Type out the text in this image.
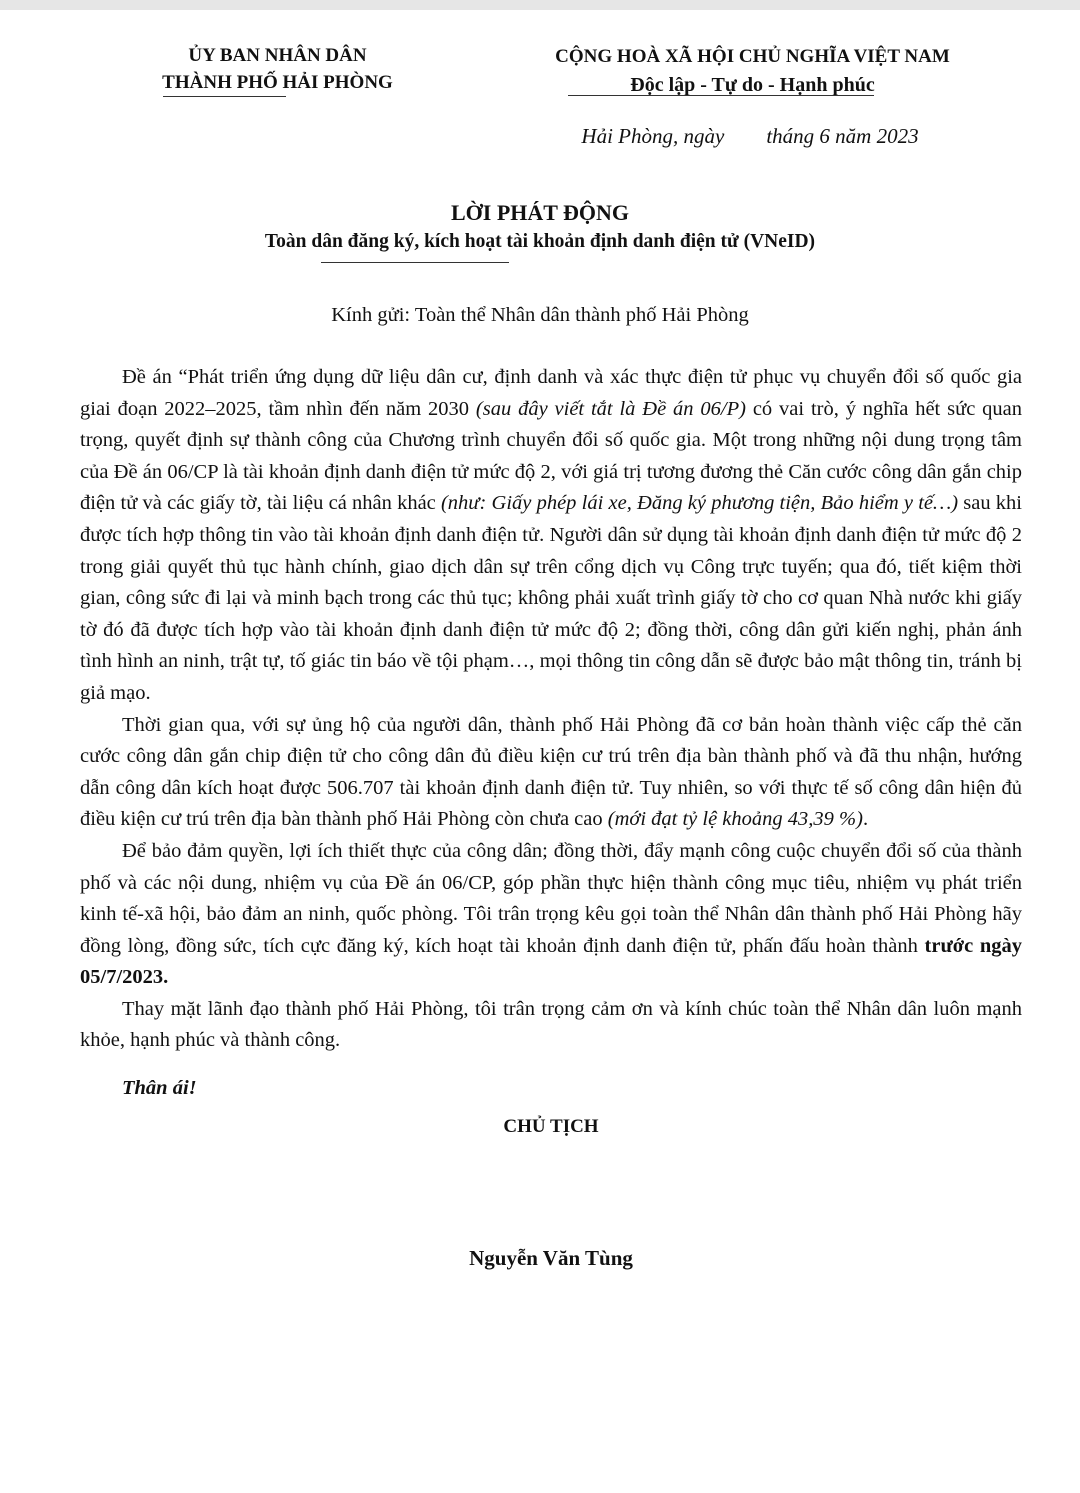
ỦY BAN NHÂN DÂN
THÀNH PHỐ HẢI PHÒNG
CỘNG HOÀ XÃ HỘI CHỦ NGHĨA VIỆT NAM
Độc lập - Tự do - Hạnh phúc
Hải Phòng, ngày        tháng 6 năm 2023
LỜI PHÁT ĐỘNG
Toàn dân đăng ký, kích hoạt tài khoản định danh điện tử (VNeID)
Kính gửi: Toàn thể Nhân dân thành phố Hải Phòng

Đề án “Phát triển ứng dụng dữ liệu dân cư, định danh và xác thực điện tử phục vụ chuyển đổi số quốc gia giai đoạn 2022–2025, tầm nhìn đến năm 2030 (sau đây viết tắt là Đề án 06/P) có vai trò, ý nghĩa hết sức quan trọng, quyết định sự thành công của Chương trình chuyển đổi số quốc gia. Một trong những nội dung trọng tâm của Đề án 06/CP là tài khoản định danh điện tử mức độ 2, với giá trị tương đương thẻ Căn cước công dân gắn chip điện tử và các giấy tờ, tài liệu cá nhân khác (như: Giấy phép lái xe, Đăng ký phương tiện, Bảo hiểm y tế…) sau khi được tích hợp thông tin vào tài khoản định danh điện tử. Người dân sử dụng tài khoản định danh điện tử mức độ 2 trong giải quyết thủ tục hành chính, giao dịch dân sự trên cổng dịch vụ Công trực tuyến; qua đó, tiết kiệm thời gian, công sức đi lại và minh bạch trong các thủ tục; không phải xuất trình giấy tờ cho cơ quan Nhà nước khi giấy tờ đó đã được tích hợp vào tài khoản định danh điện tử mức độ 2; đồng thời, công dân gửi kiến nghị, phản ánh tình hình an ninh, trật tự, tố giác tin báo về tội phạm…, mọi thông tin công dẫn sẽ được bảo mật thông tin, tránh bị giả mạo.

Thời gian qua, với sự ủng hộ của người dân, thành phố Hải Phòng đã cơ bản hoàn thành việc cấp thẻ căn cước công dân gắn chip điện tử cho công dân đủ điều kiện cư trú trên địa bàn thành phố và đã thu nhận, hướng dẫn công dân kích hoạt được 506.707 tài khoản định danh điện tử. Tuy nhiên, so với thực tế số công dân hiện đủ điều kiện cư trú trên địa bàn thành phố Hải Phòng còn chưa cao (mới đạt tỷ lệ khoảng 43,39 %).

Để bảo đảm quyền, lợi ích thiết thực của công dân; đồng thời, đẩy mạnh công cuộc chuyển đổi số của thành phố và các nội dung, nhiệm vụ của Đề án 06/CP, góp phần thực hiện thành công mục tiêu, nhiệm vụ phát triển kinh tế-xã hội, bảo đảm an ninh, quốc phòng. Tôi trân trọng kêu gọi toàn thể Nhân dân thành phố Hải Phòng hãy đồng lòng, đồng sức, tích cực đăng ký, kích hoạt tài khoản định danh điện tử, phấn đấu hoàn thành trước ngày 05/7/2023.

Thay mặt lãnh đạo thành phố Hải Phòng, tôi trân trọng cảm ơn và kính chúc toàn thể Nhân dân luôn mạnh khỏe, hạnh phúc và thành công.

Thân ái!
CHỦ TỊCH
Nguyễn Văn Tùng
